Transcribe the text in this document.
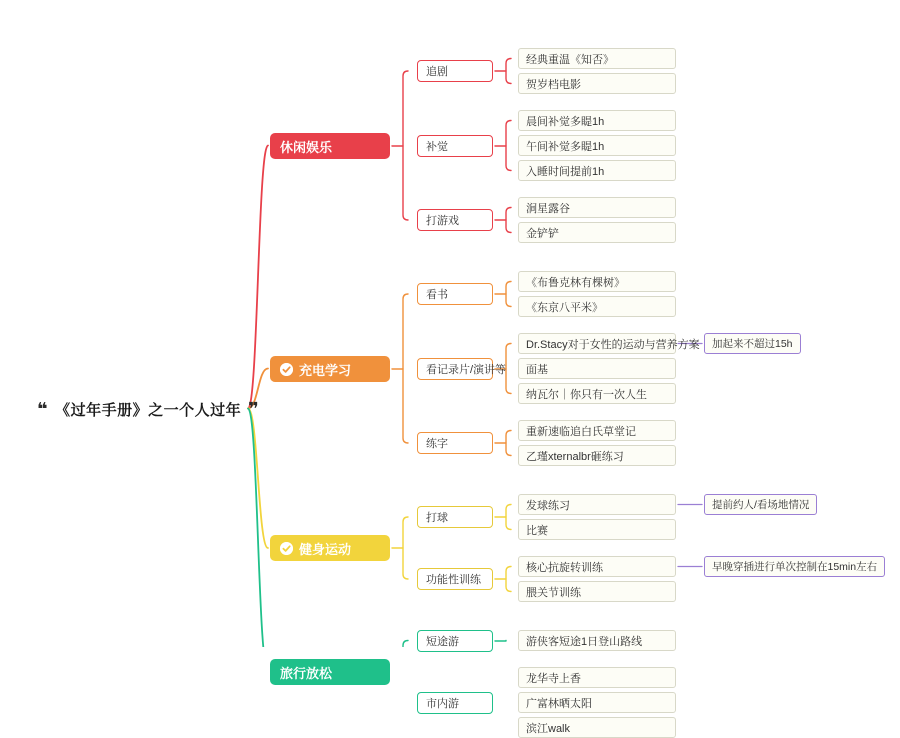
经典重温《知否》
贺岁档电影
追剧
晨间补觉多睼1h
午间补觉多睼1h
入睡时间提前1h
补觉
涧星露谷
金铲铲
打游戏
休闲娱乐
《布鲁克林有棵树》
《东京八平米》
看书
Dr.Stacy对于女性的运动与营养方案 加起来不超过15h
面基
纳瓦尔｜你只有一次人生
看记录片/演讲等
重新速临追白氏草堂记
乙瑾xternalbr砸练习
练字
充电学习
发球练习	提前约人/看场地情况
比赛
打球
核心抗旋转训练	早晚穿插进行单次控制在15min左右
腲关节训练
功能性训练
健身运动
游侠客短途1日登山路线
短途游
龙华寺上香
广富林晒太阳
滨江walk
市内游
旅行放松
❝ 《过年手册》之一个人过年 ❞
